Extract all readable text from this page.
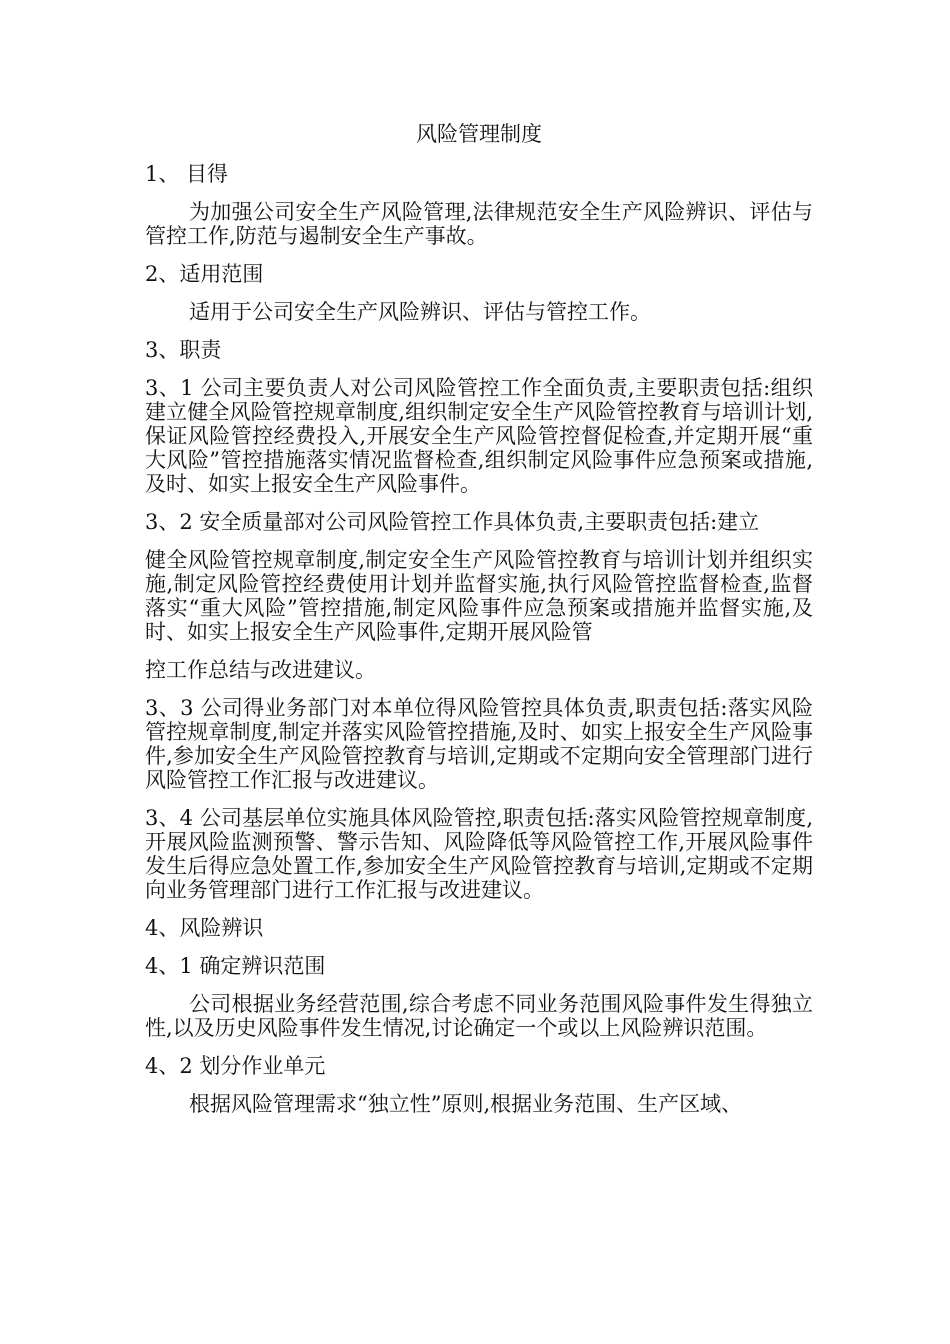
风险管理制度
1、 目得
为加强公司安全生产风险管理,法律规范安全生产风险辨识、评估与管控工作,防范与遏制安全生产事故。
2、适用范围
适用于公司安全生产风险辨识、评估与管控工作。
3、职责
3、1 公司主要负责人对公司风险管控工作全面负责,主要职责包括:组织建立健全风险管控规章制度,组织制定安全生产风险管控教育与培训计划,保证风险管控经费投入,开展安全生产风险管控督促检查,并定期开展“重大风险”管控措施落实情况监督检查,组织制定风险事件应急预案或措施,及时、如实上报安全生产风险事件。
3、2 安全质量部对公司风险管控工作具体负责,主要职责包括:建立
健全风险管控规章制度,制定安全生产风险管控教育与培训计划并组织实施,制定风险管控经费使用计划并监督实施,执行风险管控监督检查,监督落实“重大风险”管控措施,制定风险事件应急预案或措施并监督实施,及时、如实上报安全生产风险事件,定期开展风险管
控工作总结与改进建议。
3、3 公司得业务部门对本单位得风险管控具体负责,职责包括:落实风险管控规章制度,制定并落实风险管控措施,及时、如实上报安全生产风险事件,参加安全生产风险管控教育与培训,定期或不定期向安全管理部门进行风险管控工作汇报与改进建议。
3、4 公司基层单位实施具体风险管控,职责包括:落实风险管控规章制度,开展风险监测预警、警示告知、风险降低等风险管控工作,开展风险事件发生后得应急处置工作,参加安全生产风险管控教育与培训,定期或不定期向业务管理部门进行工作汇报与改进建议。
4、风险辨识
4、1 确定辨识范围
公司根据业务经营范围,综合考虑不同业务范围风险事件发生得独立性,以及历史风险事件发生情况,讨论确定一个或以上风险辨识范围。
4、2 划分作业单元
根据风险管理需求“独立性”原则,根据业务范围、生产区域、
